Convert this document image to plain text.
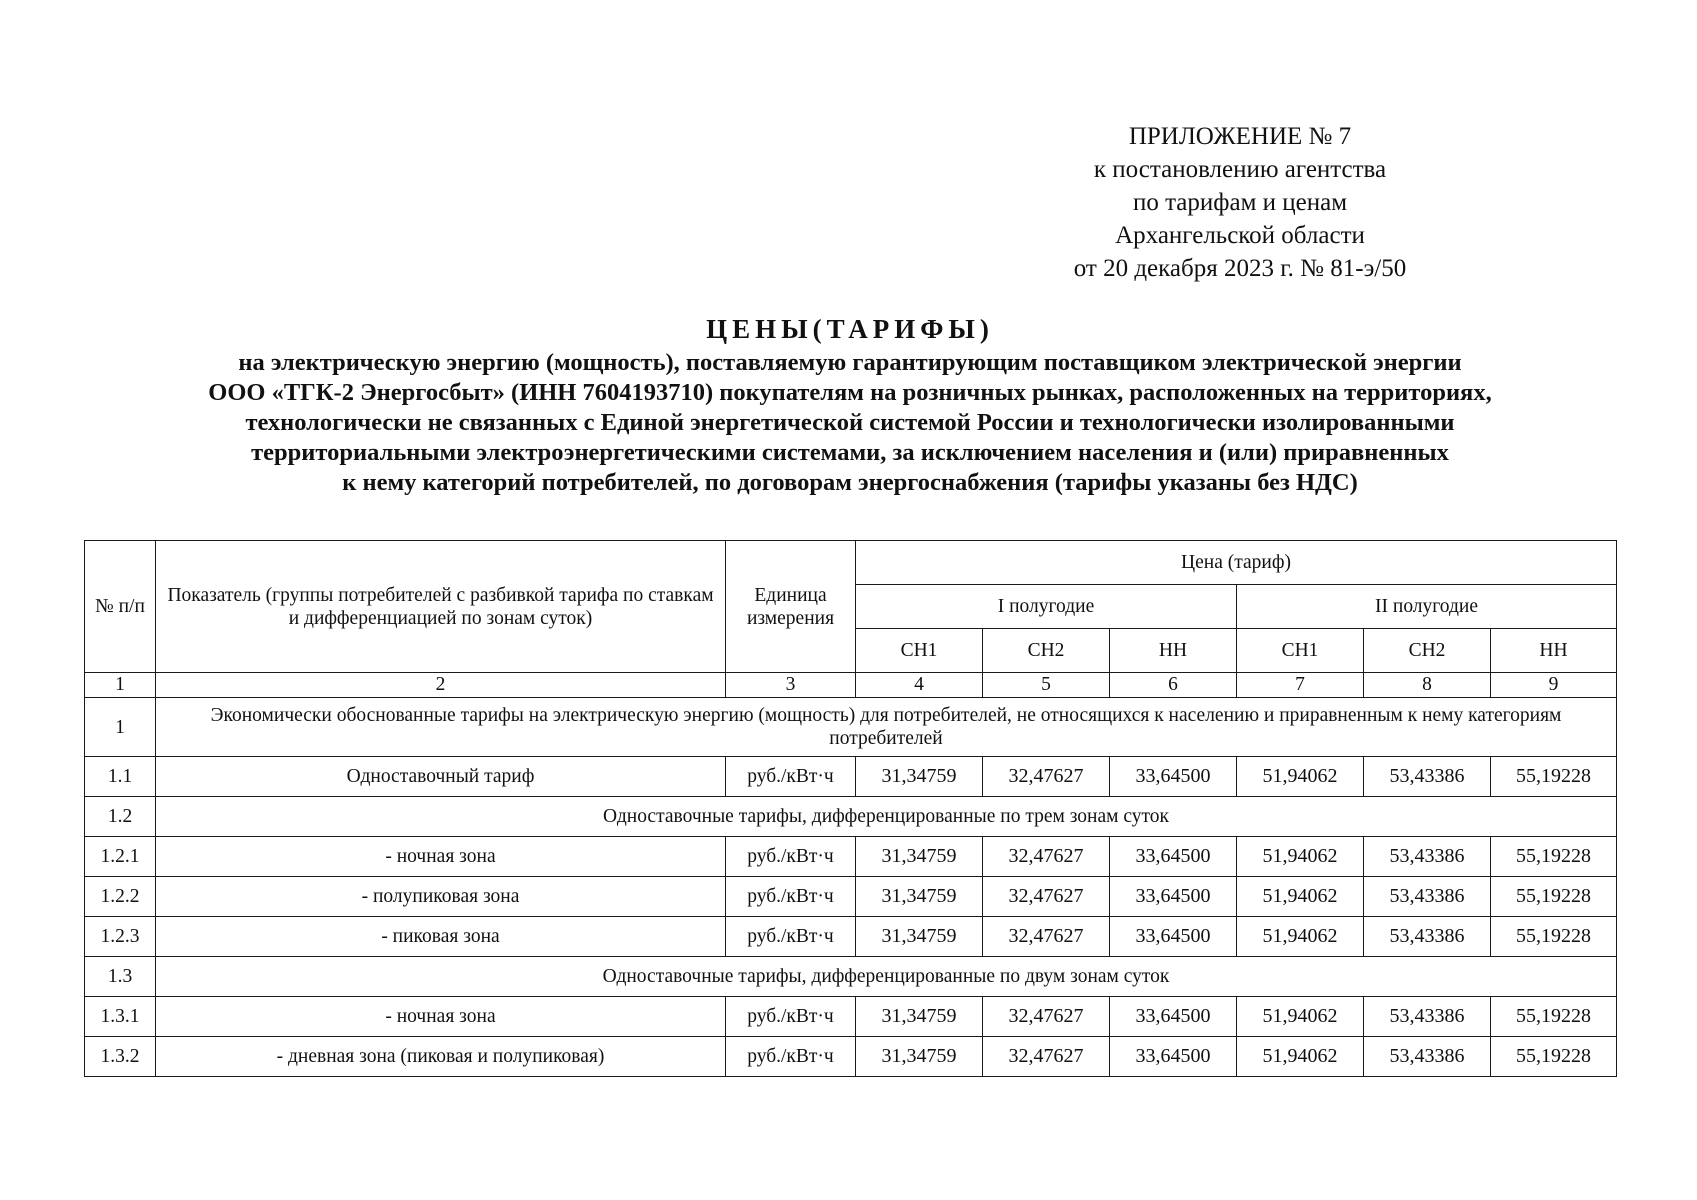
ПРИЛОЖЕНИЕ № 7
к постановлению агентства
по тарифам и ценам
Архангельской области
от 20 декабря 2023 г. № 81-э/50
ЦЕНЫ(ТАРИФЫ)
на электрическую энергию (мощность), поставляемую гарантирующим поставщиком электрической энергии
ООО «ТГК-2 Энергосбыт» (ИНН 7604193710) покупателям на розничных рынках, расположенных на территориях,
технологически не связанных с Единой энергетической системой России и технологически изолированными
территориальными электроэнергетическими системами, за исключением населения и (или) приравненных
к нему категорий потребителей, по договорам энергоснабжения (тарифы указаны без НДС)
№ п/п	Показатель (группы потребителей с разбивкой тарифа по ставкам и дифференциацией по зонам суток)	Единица измерения	Цена (тариф)					
			I полугодие			II полугодие		
			СН1	СН2	НН	СН1	СН2	НН
1	2	3	4	5	6	7	8	9
1	Экономически обоснованные тарифы на электрическую энергию (мощность) для потребителей, не относящихся к населению и приравненным к нему категориям потребителей							
1.1	Одноставочный тариф	руб./кВт·ч	31,34759	32,47627	33,64500	51,94062	53,43386	55,19228
1.2	Одноставочные тарифы, дифференцированные по трем зонам суток							
1.2.1	- ночная зона	руб./кВт·ч	31,34759	32,47627	33,64500	51,94062	53,43386	55,19228
1.2.2	- полупиковая зона	руб./кВт·ч	31,34759	32,47627	33,64500	51,94062	53,43386	55,19228
1.2.3	- пиковая зона	руб./кВт·ч	31,34759	32,47627	33,64500	51,94062	53,43386	55,19228
1.3	Одноставочные тарифы, дифференцированные по двум зонам суток							
1.3.1	- ночная зона	руб./кВт·ч	31,34759	32,47627	33,64500	51,94062	53,43386	55,19228
1.3.2	- дневная зона (пиковая и полупиковая)	руб./кВт·ч	31,34759	32,47627	33,64500	51,94062	53,43386	55,19228
